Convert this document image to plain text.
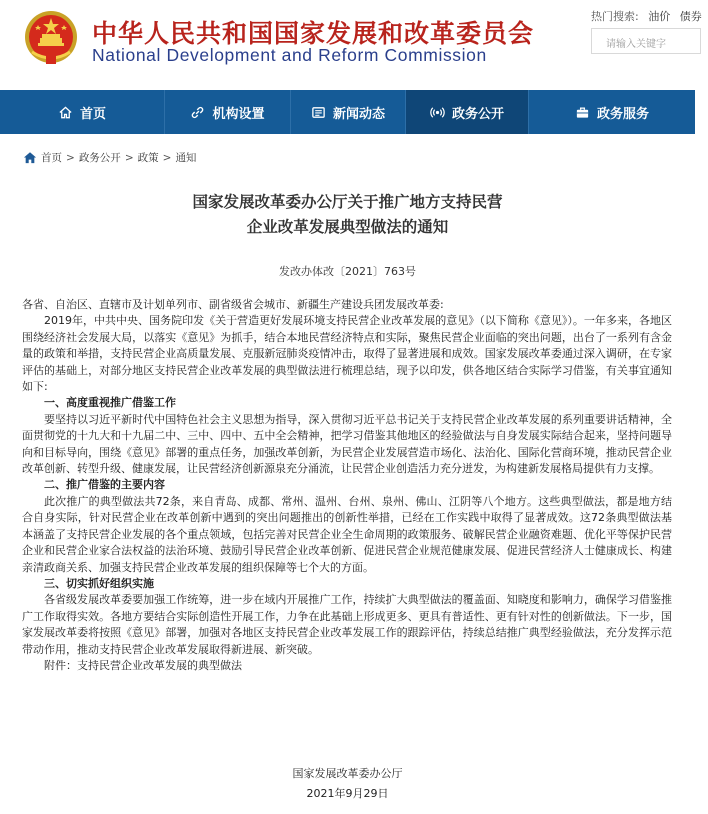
中华人民共和国国家发展和改革委员会
National Development and Reform Commission
热门搜索: 油价 债券
请输入关键字
首页	机构设置	新闻动态	政务公开	政务服务
首页 > 政务公开 > 政策 > 通知
国家发展改革委办公厅关于推广地方支持民营
企业改革发展典型做法的通知
发改办体改〔2021〕763号

各省、自治区、直辖市及计划单列市、副省级省会城市、新疆生产建设兵团发展改革委:

2019年，中共中央、国务院印发《关于营造更好发展环境支持民营企业改革发展的意见》（以下简称《意见》）。一年多来，各地区围绕经济社会发展大局，以落实《意见》为抓手，结合本地民营经济特点和实际，聚焦民营企业面临的突出问题，出台了一系列有含金量的政策和举措，支持民营企业高质量发展、克服新冠肺炎疫情冲击，取得了显著进展和成效。国家发展改革委通过深入调研，在专家评估的基础上，对部分地区支持民营企业改革发展的典型做法进行梳理总结，现予以印发，供各地区结合实际学习借鉴，有关事宜通知如下:

一、高度重视推广借鉴工作

要坚持以习近平新时代中国特色社会主义思想为指导，深入贯彻习近平总书记关于支持民营企业改革发展的系列重要讲话精神，全面贯彻党的十九大和十九届二中、三中、四中、五中全会精神，把学习借鉴其他地区的经验做法与自身发展实际结合起来，坚持问题导向和目标导向，围绕《意见》部署的重点任务，加强改革创新，为民营企业发展营造市场化、法治化、国际化营商环境，推动民营企业改革创新、转型升级、健康发展，让民营经济创新源泉充分涌流，让民营企业创造活力充分迸发，为构建新发展格局提供有力支撑。

二、推广借鉴的主要内容

此次推广的典型做法共72条，来自青岛、成都、常州、温州、台州、泉州、佛山、江阴等八个地方。这些典型做法，都是地方结合自身实际，针对民营企业在改革创新中遇到的突出问题推出的创新性举措，已经在工作实践中取得了显著成效。这72条典型做法基本涵盖了支持民营企业发展的各个重点领域，包括完善对民营企业全生命周期的政策服务、破解民营企业融资难题、优化平等保护民营企业和民营企业家合法权益的法治环境、鼓励引导民营企业改革创新、促进民营企业规范健康发展、促进民营经济人士健康成长、构建亲清政商关系、加强支持民营企业改革发展的组织保障等七个大的方面。

三、切实抓好组织实施

各省级发展改革委要加强工作统筹，进一步在域内开展推广工作，持续扩大典型做法的覆盖面、知晓度和影响力，确保学习借鉴推广工作取得实效。各地方要结合实际创造性开展工作，力争在此基础上形成更多、更具有普适性、更有针对性的创新做法。下一步，国家发展改革委将按照《意见》部署，加强对各地区支持民营企业改革发展工作的跟踪评估，持续总结推广典型经验做法，充分发挥示范带动作用，推动支持民营企业改革发展取得新进展、新突破。

附件：支持民营企业改革发展的典型做法

国家发展改革委办公厅
2021年9月29日
